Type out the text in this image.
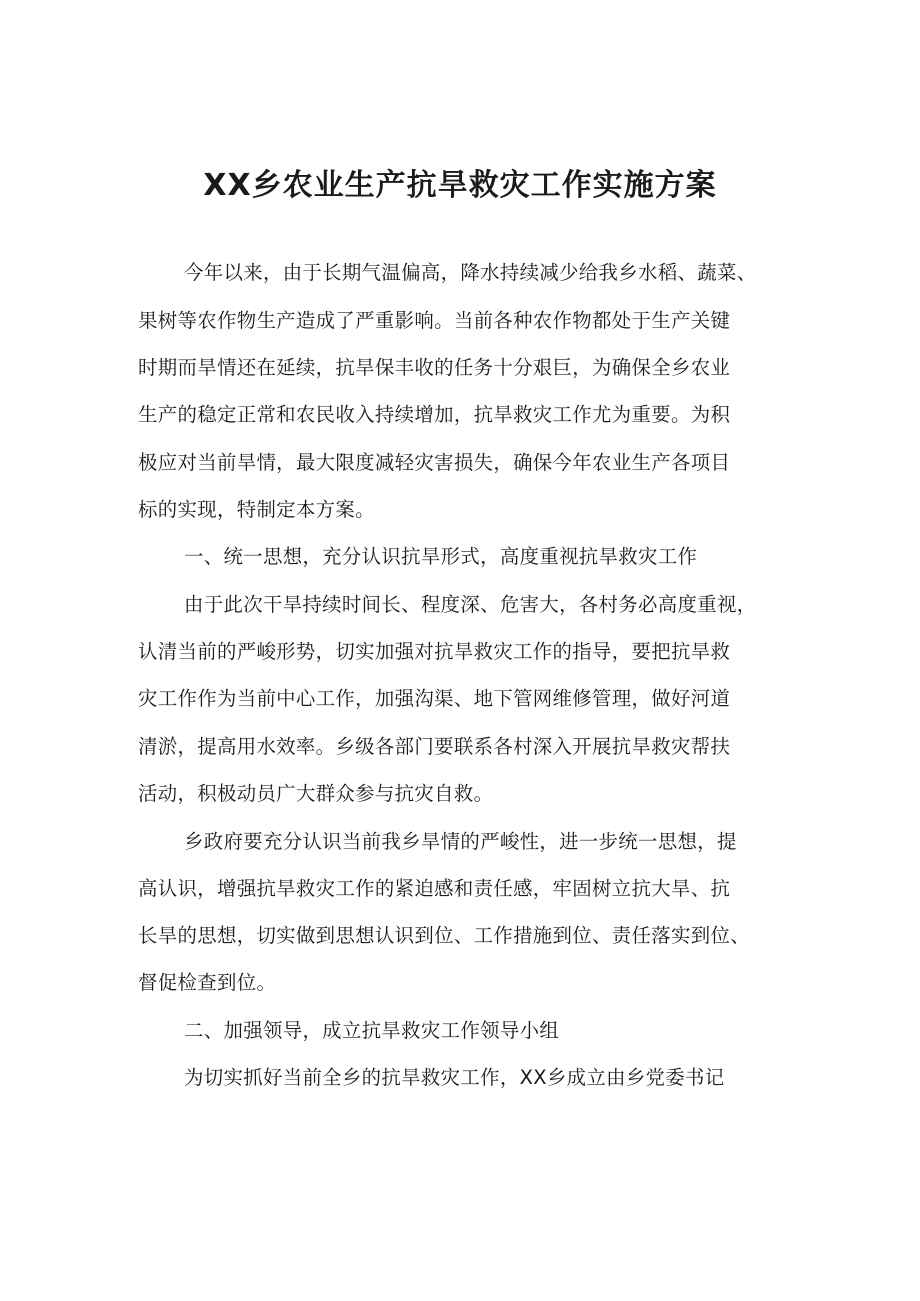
XX乡农业生产抗旱救灾工作实施方案
今年以来，由于长期气温偏高，降水持续减少给我乡水稻、蔬菜、
果树等农作物生产造成了严重影响。当前各种农作物都处于生产关键
时期而旱情还在延续，抗旱保丰收的任务十分艰巨，为确保全乡农业
生产的稳定正常和农民收入持续增加，抗旱救灾工作尤为重要。为积
极应对当前旱情，最大限度减轻灾害损失，确保今年农业生产各项目
标的实现，特制定本方案。
一、统一思想，充分认识抗旱形式，高度重视抗旱救灾工作
由于此次干旱持续时间长、程度深、危害大，各村务必高度重视，
认清当前的严峻形势，切实加强对抗旱救灾工作的指导，要把抗旱救
灾工作作为当前中心工作，加强沟渠、地下管网维修管理，做好河道
清淤，提高用水效率。乡级各部门要联系各村深入开展抗旱救灾帮扶
活动，积极动员广大群众参与抗灾自救。
乡政府要充分认识当前我乡旱情的严峻性，进一步统一思想，提
高认识，增强抗旱救灾工作的紧迫感和责任感，牢固树立抗大旱、抗
长旱的思想，切实做到思想认识到位、工作措施到位、责任落实到位、
督促检查到位。
二、加强领导，成立抗旱救灾工作领导小组
为切实抓好当前全乡的抗旱救灾工作，XX乡成立由乡党委书记
